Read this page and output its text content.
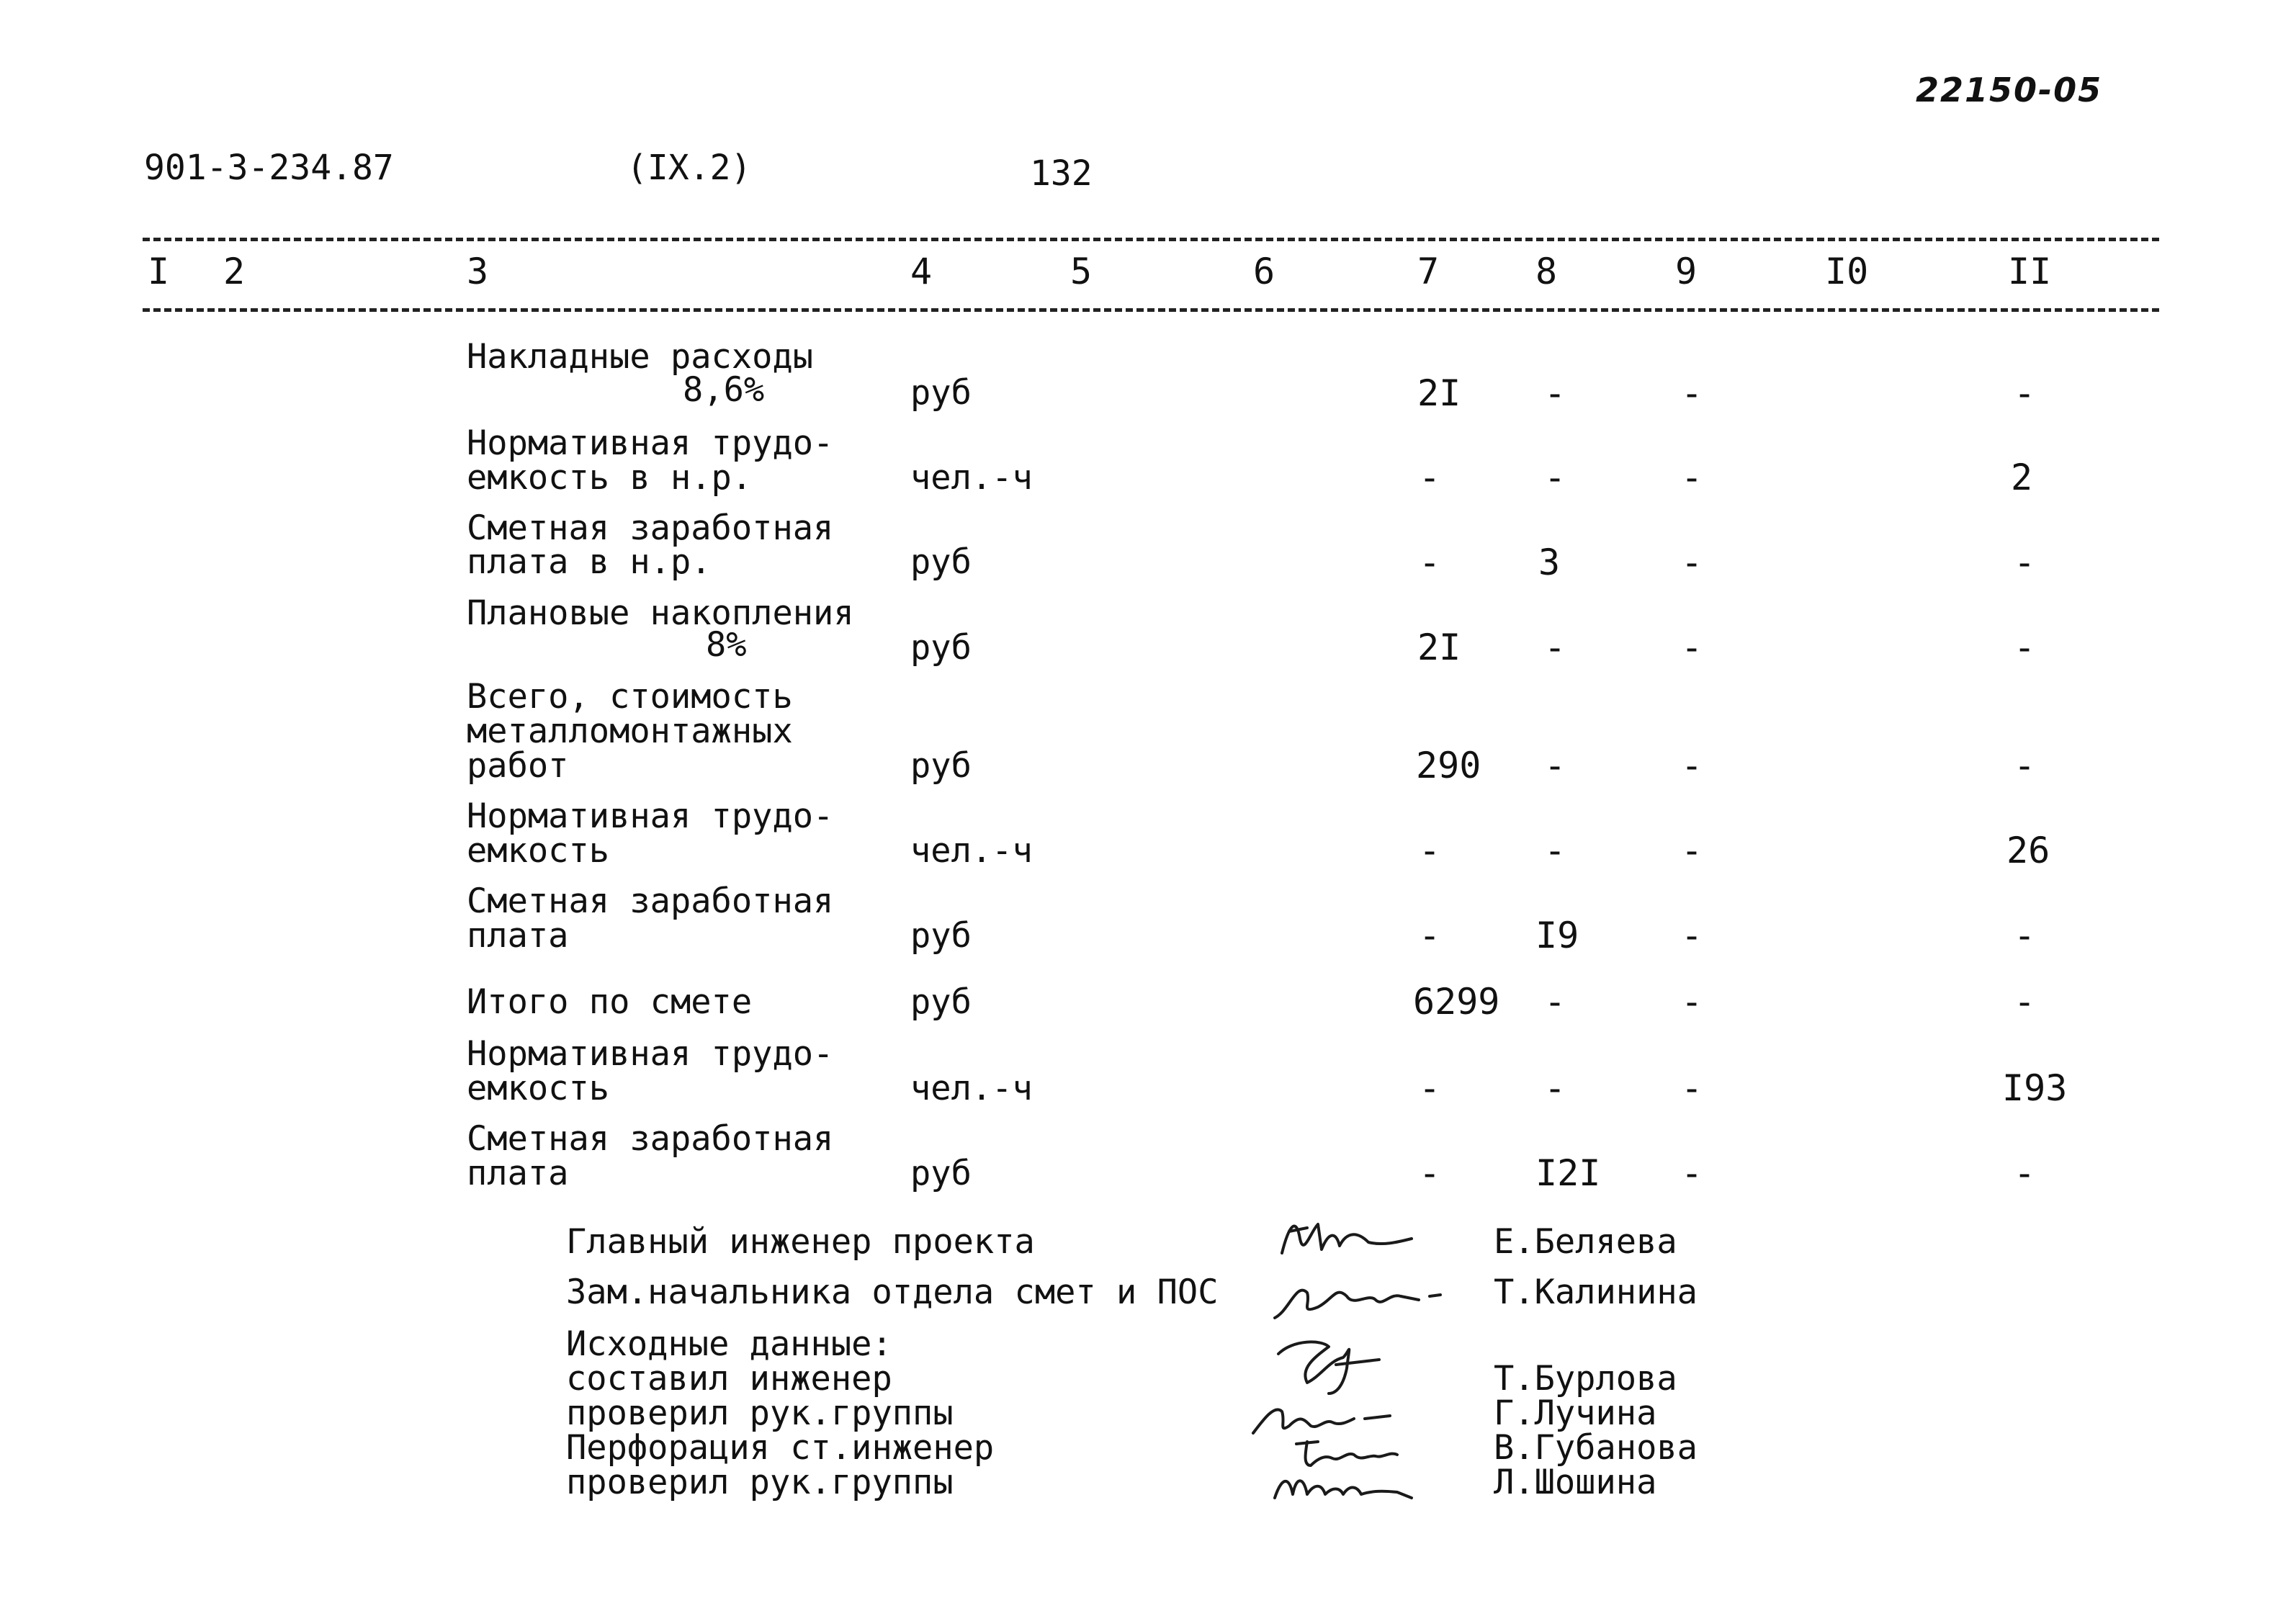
22150-05
901-3-234.87	(IX.2)	132
I 2	3	4	5	6	7	8	9	I0	II
Накладные расходы
8,6%	руб	2I -	-	-
Нормативная трудо-
емкость в н.р.	чел.-ч	-	-	-	2
Сметная заработная
плата в н.р.	руб	-	3	-	-
Плановые накопления
8%	руб	2I -	-	-
Всего, стоимость
металломонтажных
работ	руб	290 -	-	-
Нормативная трудо-
емкость	чел.-ч	-	-	-	26
Сметная заработная
плата	руб	-	I9	-	-
Итого по смете	руб	6299 -	-	-
Нормативная трудо-
емкость	чел.-ч	-	-	-	I93
Сметная заработная
плата	руб	-	I2I -	-
Главный инженер проекта	Е.Беляева
Зам.начальника отдела смет и ПОС	Т.Калинина
Исходные данные:
составил инженер	Т.Бурлова
проверил рук.группы	Г.Лучина
Перфорация ст.инженер	В.Губанова
проверил рук.группы	Л.Шошина
